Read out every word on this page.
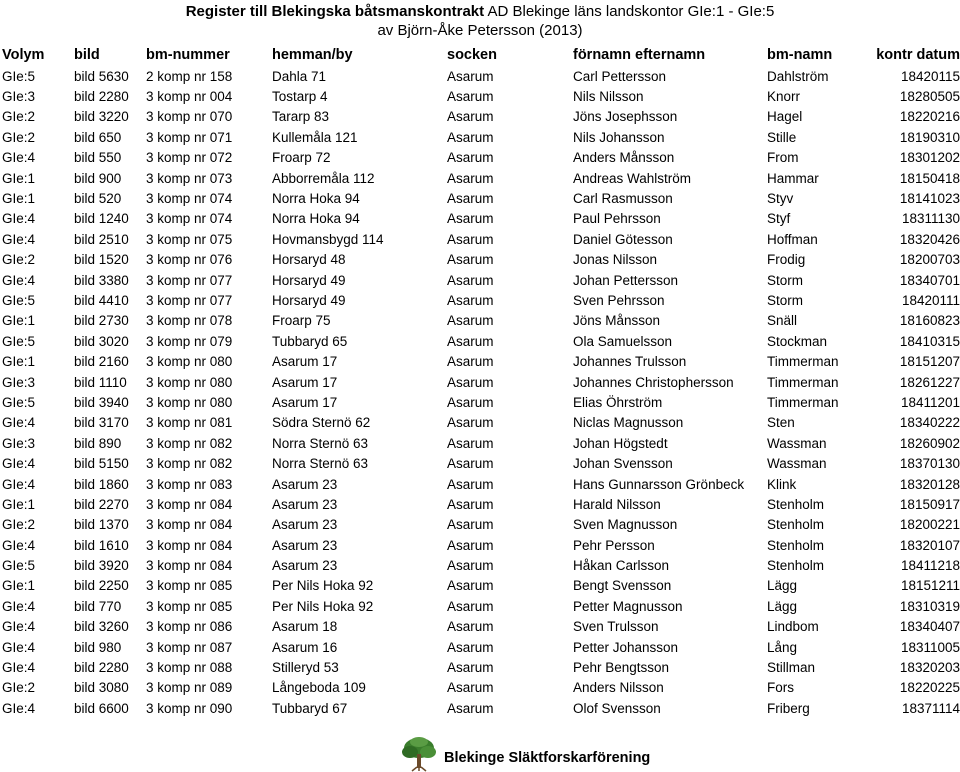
Register till Blekingska båtsmanskontrakt AD Blekinge läns landskontor GIe:1 - GIe:5
av Björn-Åke Petersson (2013)
Volym	bild	bm-nummer	hemman/by	socken	förnamn efternamn	bm-namn	kontr datum
GIe:5	bild 5630	2 komp nr 158	Dahla 71	Asarum	Carl Pettersson	Dahlström	18420115
GIe:3	bild 2280	3 komp nr 004	Tostarp 4	Asarum	Nils Nilsson	Knorr	18280505
GIe:2	bild 3220	3 komp nr 070	Tararp 83	Asarum	Jöns Josephsson	Hagel	18220216
GIe:2	bild 650	3 komp nr 071	Kullemåla 121	Asarum	Nils Johansson	Stille	18190310
GIe:4	bild 550	3 komp nr 072	Froarp 72	Asarum	Anders Månsson	From	18301202
GIe:1	bild 900	3 komp nr 073	Abborremåla 112	Asarum	Andreas Wahlström	Hammar	18150418
GIe:1	bild 520	3 komp nr 074	Norra Hoka 94	Asarum	Carl Rasmusson	Styv	18141023
GIe:4	bild 1240	3 komp nr 074	Norra Hoka 94	Asarum	Paul Pehrsson	Styf	18311130
GIe:4	bild 2510	3 komp nr 075	Hovmansbygd 114	Asarum	Daniel Götesson	Hoffman	18320426
GIe:2	bild 1520	3 komp nr 076	Horsaryd 48	Asarum	Jonas Nilsson	Frodig	18200703
GIe:4	bild 3380	3 komp nr 077	Horsaryd 49	Asarum	Johan Pettersson	Storm	18340701
GIe:5	bild 4410	3 komp nr 077	Horsaryd 49	Asarum	Sven Pehrsson	Storm	18420111
GIe:1	bild 2730	3 komp nr 078	Froarp 75	Asarum	Jöns Månsson	Snäll	18160823
GIe:5	bild 3020	3 komp nr 079	Tubbaryd 65	Asarum	Ola Samuelsson	Stockman	18410315
GIe:1	bild 2160	3 komp nr 080	Asarum 17	Asarum	Johannes Trulsson	Timmerman	18151207
GIe:3	bild 1110	3 komp nr 080	Asarum 17	Asarum	Johannes Christophersson	Timmerman	18261227
GIe:5	bild 3940	3 komp nr 080	Asarum 17	Asarum	Elias Öhrström	Timmerman	18411201
GIe:4	bild 3170	3 komp nr 081	Södra Sternö 62	Asarum	Niclas Magnusson	Sten	18340222
GIe:3	bild 890	3 komp nr 082	Norra Sternö 63	Asarum	Johan Högstedt	Wassman	18260902
GIe:4	bild 5150	3 komp nr 082	Norra Sternö 63	Asarum	Johan Svensson	Wassman	18370130
GIe:4	bild 1860	3 komp nr 083	Asarum 23	Asarum	Hans Gunnarsson Grönbeck	Klink	18320128
GIe:1	bild 2270	3 komp nr 084	Asarum 23	Asarum	Harald Nilsson	Stenholm	18150917
GIe:2	bild 1370	3 komp nr 084	Asarum 23	Asarum	Sven Magnusson	Stenholm	18200221
GIe:4	bild 1610	3 komp nr 084	Asarum 23	Asarum	Pehr Persson	Stenholm	18320107
GIe:5	bild 3920	3 komp nr 084	Asarum 23	Asarum	Håkan Carlsson	Stenholm	18411218
GIe:1	bild 2250	3 komp nr 085	Per Nils Hoka 92	Asarum	Bengt Svensson	Lägg	18151211
GIe:4	bild 770	3 komp nr 085	Per Nils Hoka 92	Asarum	Petter Magnusson	Lägg	18310319
GIe:4	bild 3260	3 komp nr 086	Asarum 18	Asarum	Sven Trulsson	Lindbom	18340407
GIe:4	bild 980	3 komp nr 087	Asarum 16	Asarum	Petter Johansson	Lång	18311005
GIe:4	bild 2280	3 komp nr 088	Stilleryd 53	Asarum	Pehr Bengtsson	Stillman	18320203
GIe:2	bild 3080	3 komp nr 089	Långeboda 109	Asarum	Anders Nilsson	Fors	18220225
GIe:4	bild 6600	3 komp nr 090	Tubbaryd 67	Asarum	Olof Svensson	Friberg	18371114
Blekinge Släktforskarförening
